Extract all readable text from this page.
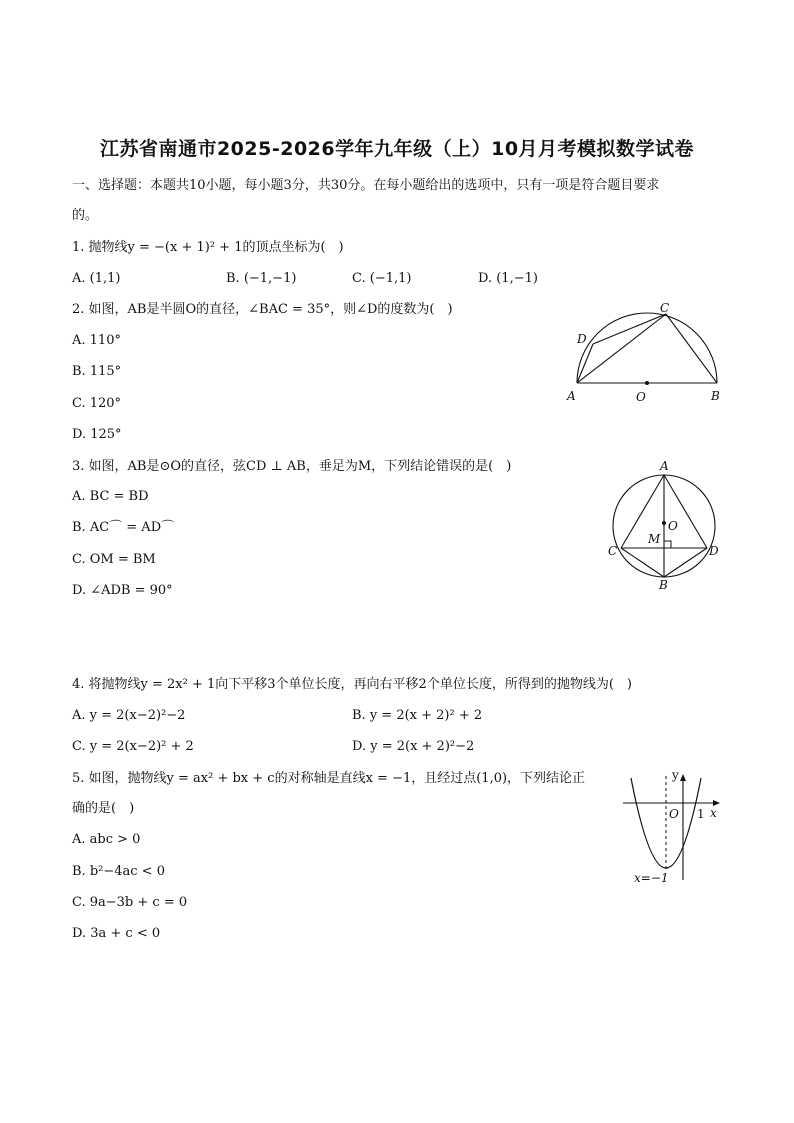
江苏省南通市2025-2026学年九年级（上）10月月考模拟数学试卷
一、选择题：本题共10小题，每小题3分，共30分。在每小题给出的选项中，只有一项是符合题目要求
的。
1. 抛物线y = −(x + 1)² + 1的顶点坐标为(　)
A. (1,1)	B. (−1,−1)	C. (−1,1)	D. (1,−1)
2. 如图，AB是半圆O的直径，∠BAC = 35°，则∠D的度数为(　)
A. 110°
B. 115°
C. 120°
D. 125°
A	O	B
C
D
3. 如图，AB是⊙O的直径，弦CD ⊥ AB，垂足为M，下列结论错误的是(　)
A. BC = BD
B. AC⌒ = AD⌒
C. OM = BM
D. ∠ADB = 90°
A
O
M
C	D
B
4. 将抛物线y = 2x² + 1向下平移3个单位长度，再向右平移2个单位长度，所得到的抛物线为(　)
A. y = 2(x−2)²−2	B. y = 2(x + 2)² + 2
C. y = 2(x−2)² + 2	D. y = 2(x + 2)²−2
5. 如图，抛物线y = ax² + bx + c的对称轴是直线x = −1，且经过点(1,0)，下列结论正
确的是(　)
A. abc > 0
B. b²−4ac < 0
C. 9a−3b + c = 0
D. 3a + c < 0
y
x
O 1
x=−1
